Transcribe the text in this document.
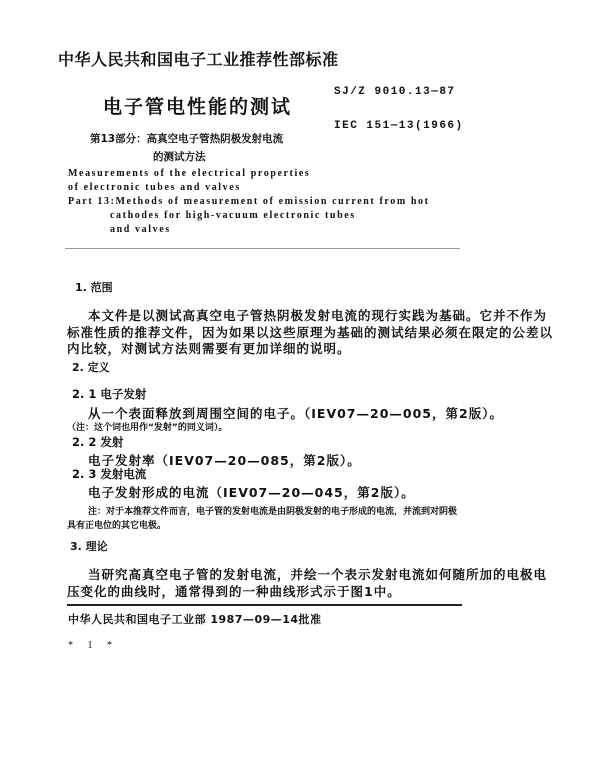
中华人民共和国电子工业推荐性部标准

电子管电性能的测试

SJ/Z 9010.13—87

IEC 151—13(1966)

第13部分：高真空电子管热阴极发射电流

的测试方法

Measurements of the electrical properties

of electronic tubes and valves

Part 13:Methods of measurement of emission current from hot

cathodes for high-vacuum electronic tubes

and valves

1. 范围

本文件是以测试高真空电子管热阴极发射电流的现行实践为基础。它并不作为

标准性质的推荐文件，因为如果以这些原理为基础的测试结果必须在限定的公差以

内比较，对测试方法则需要有更加详细的说明。

2. 定义

2. 1 电子发射

从一个表面释放到周围空间的电子。（IEV07—20—005，第2版）。

（注：这个词也用作“发射”的同义词）。

2. 2 发射

电子发射率（IEV07—20—085，第2版）。

2. 3 发射电流

电子发射形成的电流（IEV07—20—045，第2版）。

注：对于本推荐文件而言，电子管的发射电流是由阴极发射的电子形成的电流，并流到对阴极

具有正电位的其它电极。

3. 理论

当研究高真空电子管的发射电流，并绘一个表示发射电流如何随所加的电极电

压变化的曲线时，通常得到的一种曲线形式示于图1中。

中华人民共和国电子工业部 1987—09—14批准

* 1 *
